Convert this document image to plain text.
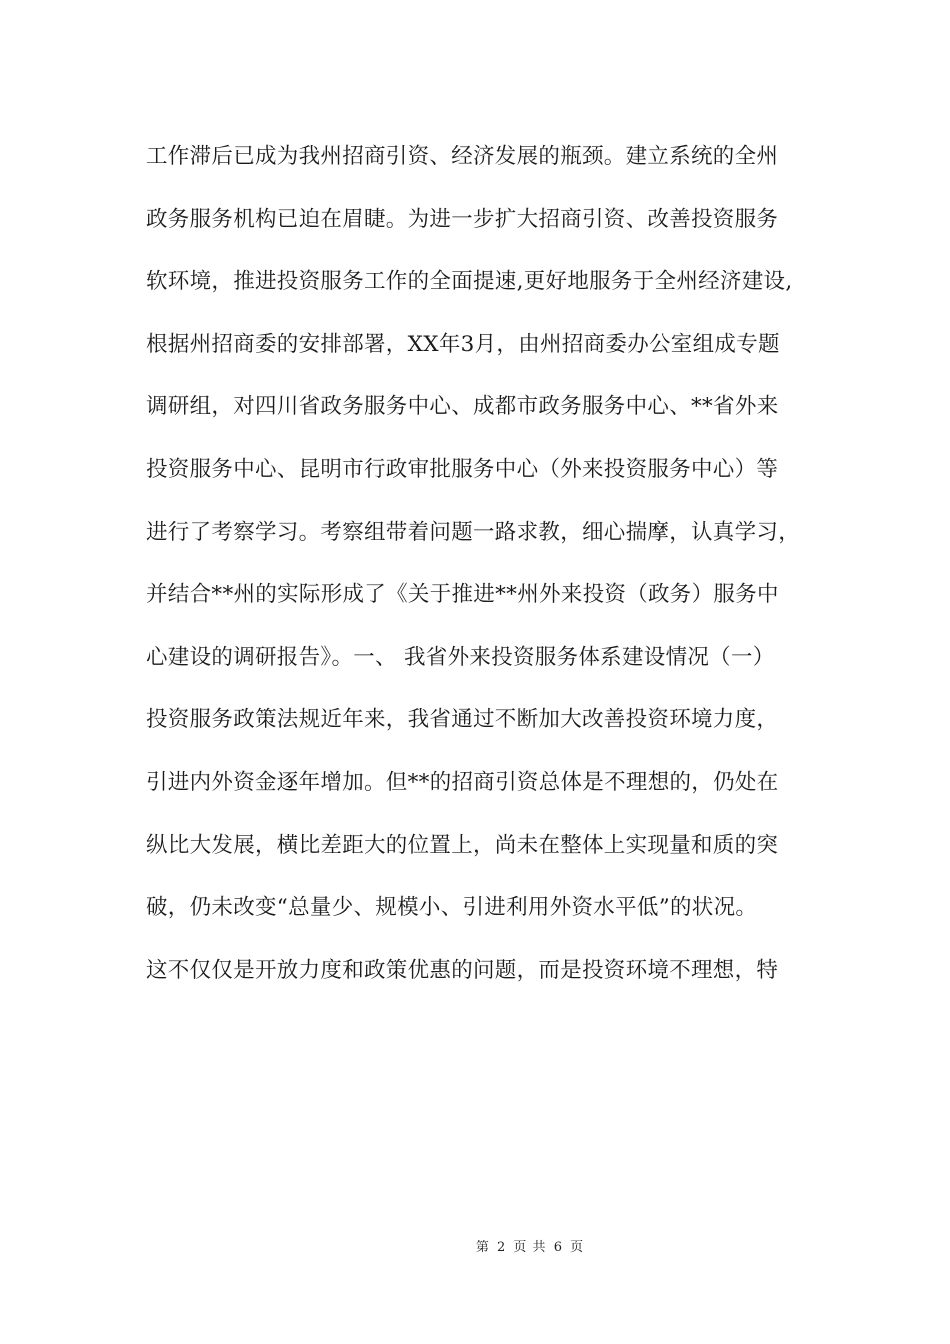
工作滞后已成为我州招商引资、经济发展的瓶颈。建立系统的全州
政务服务机构已迫在眉睫。为进一步扩大招商引资、改善投资服务
软环境，推进投资服务工作的全面提速,更好地服务于全州经济建设,
根据州招商委的安排部署，XX年3月，由州招商委办公室组成专题
调研组，对四川省政务服务中心、成都市政务服务中心、**省外来
投资服务中心、昆明市行政审批服务中心（外来投资服务中心）等
进行了考察学习。考察组带着问题一路求教，细心揣摩，认真学习，
并结合**州的实际形成了《关于推进**州外来投资（政务）服务中
心建设的调研报告》。一、 我省外来投资服务体系建设情况（一）
投资服务政策法规近年来，我省通过不断加大改善投资环境力度，
引进内外资金逐年增加。但**的招商引资总体是不理想的，仍处在
纵比大发展，横比差距大的位置上，尚未在整体上实现量和质的突
破，仍未改变“总量少、规模小、引进利用外资水平低”的状况。
这不仅仅是开放力度和政策优惠的问题，而是投资环境不理想，特
第 2 页 共 6 页
